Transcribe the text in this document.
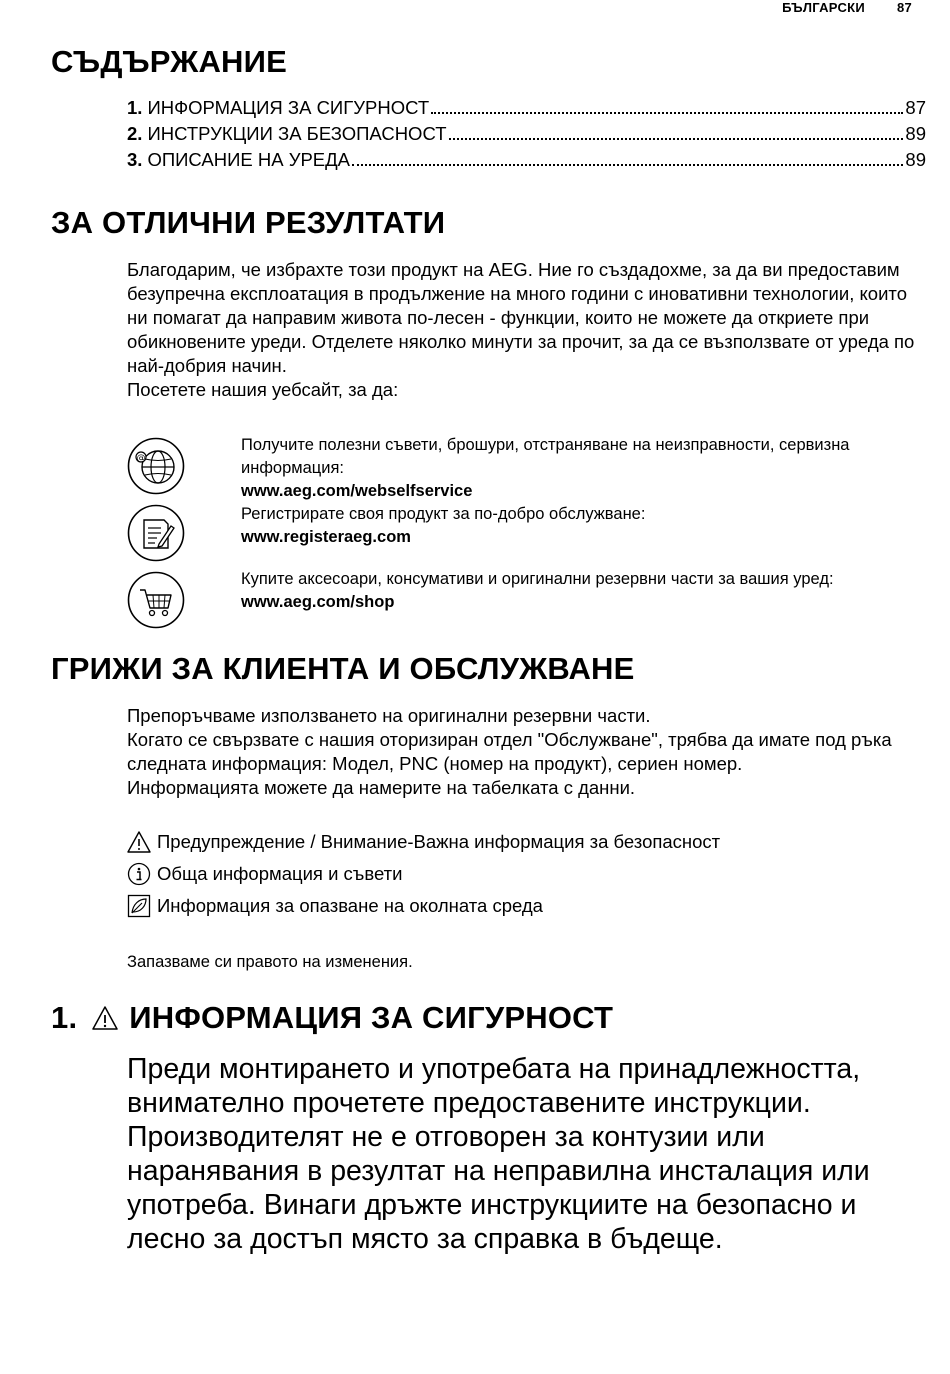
БЪЛГАРСКИ 87
СЪДЪРЖАНИЕ
1. ИНФОРМАЦИЯ ЗА СИГУРНОСТ	87
2. ИНСТРУКЦИИ ЗА БЕЗОПАСНОСТ	89
3. ОПИСАНИЕ НА УРЕДА	89
ЗА ОТЛИЧНИ РЕЗУЛТАТИ

Благодарим, че избрахте този продукт на AEG. Ние го създадохме, за да ви предоставим безупречна експлоатация в продължение на много години с иновативни технологии, които ни помагат да направим живота по-лесен - функции, които не можете да откриете при обикновените уреди. Отделете няколко минути за прочит, за да се възползвате от уреда по най-добрия начин.

Посетете нашия уебсайт, за да:

@
Получите полезни съвети, брошури, отстраняване на неизправности, сервизна информация:
www.aeg.com/webselfservice
Регистрирате своя продукт за по-добро обслужване:
www.registeraeg.com
Купите аксесоари, консумативи и оригинални резервни части за вашия уред:
www.aeg.com/shop
ГРИЖИ ЗА КЛИЕНТА И ОБСЛУЖВАНЕ

Препоръчваме използването на оригинални резервни части.

Когато се свързвате с нашия оторизиран отдел "Обслужване", трябва да имате под ръка следната информация: Модел, PNC (номер на продукт), сериен номер.

Информацията можете да намерите на табелката с данни.

Предупреждение / Внимание-Важна информация за безопасност
Обща информация и съвети
Информация за опазване на околната среда
Запазваме си правото на изменения.
1. ИНФОРМАЦИЯ ЗА СИГУРНОСТ
Преди монтирането и употребата на принадлежността, внимателно прочетете предоставените инструкции. Производителят не е отговорен за контузии или наранявания в резултат на неправилна инсталация или употреба. Винаги дръжте инструкциите на безопасно и лесно за достъп място за справка в бъдеще.
